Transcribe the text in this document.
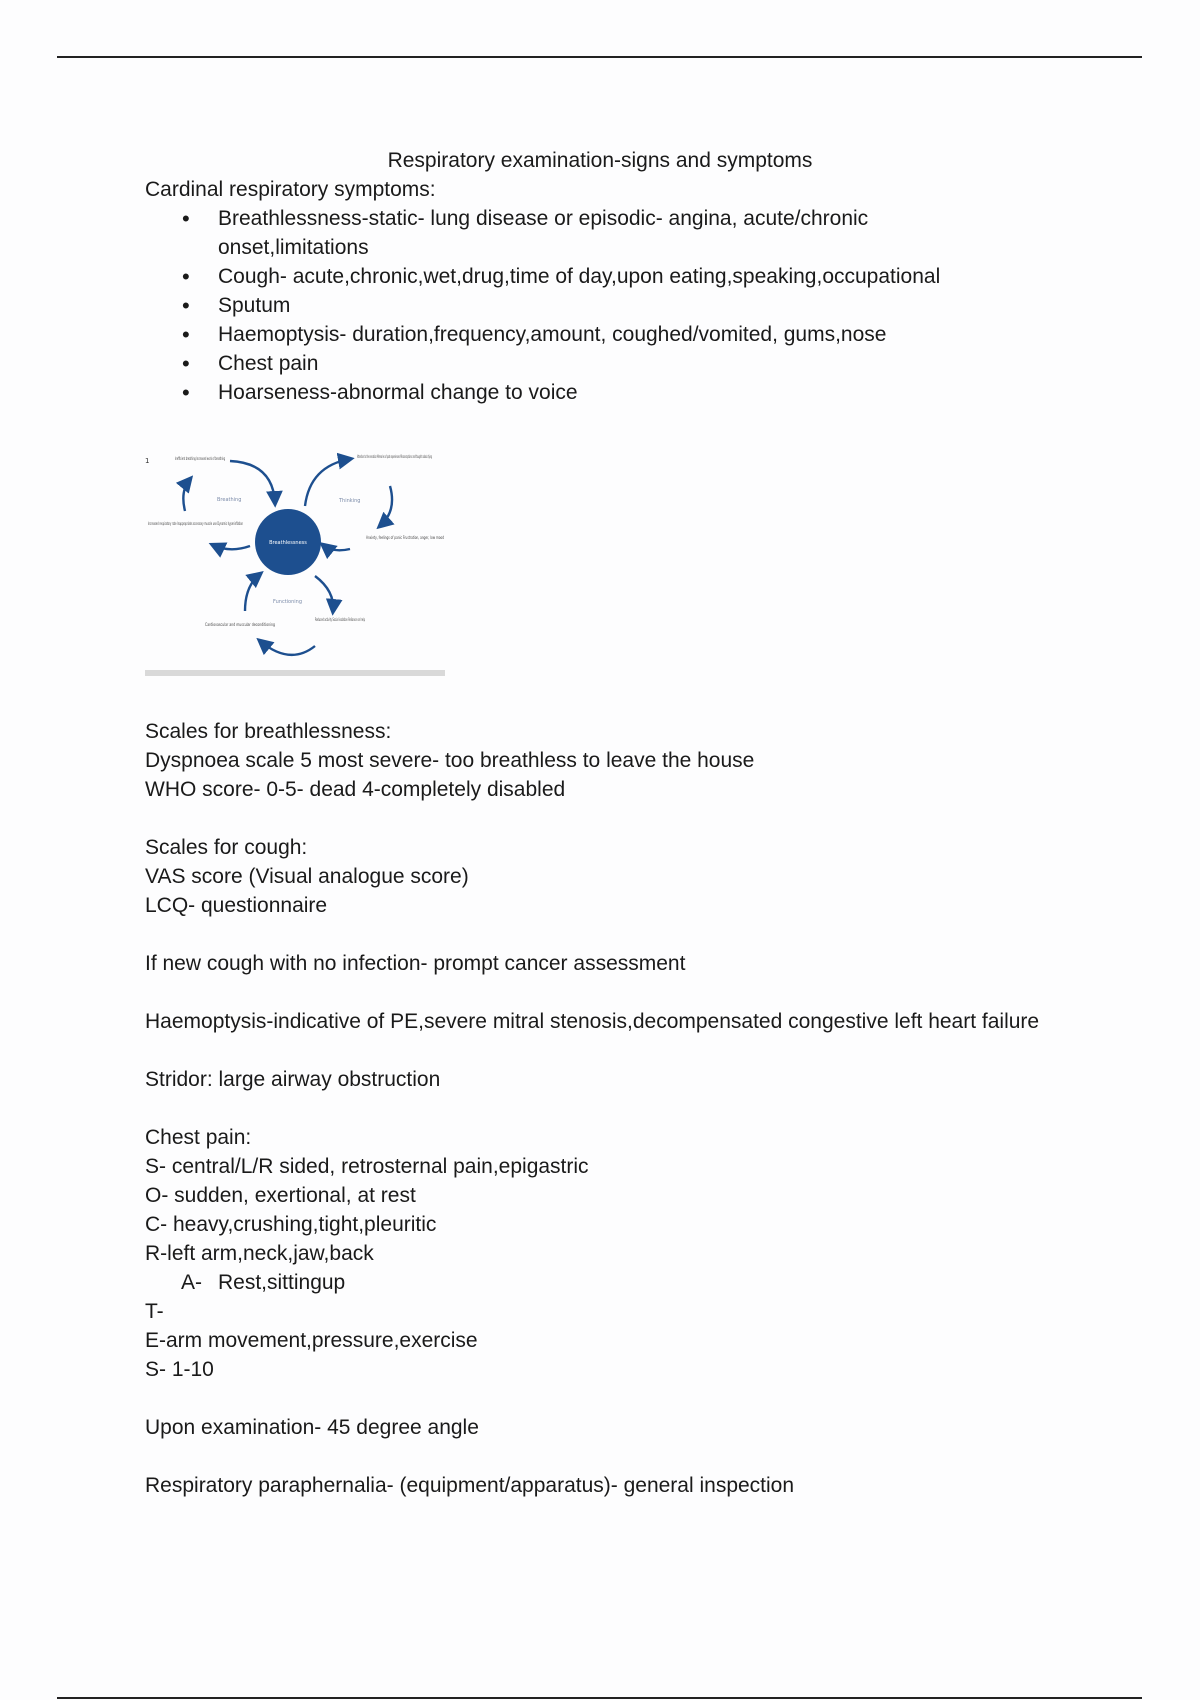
Respiratory examination-signs and symptoms

Cardinal respiratory symptoms:

• Breathlessness-static- lung disease or episodic- angina, acute/chronic onset,limitations
• Cough- acute,chronic,wet,drug,time of day,upon eating,speaking,occupational
• Sputum
• Haemoptysis- duration,frequency,amount, coughed/vomited, gums,nose
• Chest pain
• Hoarseness-abnormal change to voice
1
Breathlessness
Breathing	Thinking
Functioning
Inefficient breathing Increased work of breathing	Attention to the sensation Memories of past experiences Misconceptions and thoughts about dying
Anxiety, feelings of panic Frustration, anger, low mood
Reduced activity Social isolation Reliance on help
Cardiovascular and muscular deconditioning
Increased respiratory rate Inappropriate accessory muscle use Dynamic hyperinflation

Scales for breathlessness:

Dyspnoea scale 5 most severe- too breathless to leave the house

WHO score- 0-5- dead 4-completely disabled

Scales for cough:

VAS score (Visual analogue score)

LCQ- questionnaire

If new cough with no infection- prompt cancer assessment

Haemoptysis-indicative of PE,severe mitral stenosis,decompensated congestive left heart failure

Stridor: large airway obstruction

Chest pain:

S- central/L/R sided, retrosternal pain,epigastric

O- sudden, exertional, at rest

C- heavy,crushing,tight,pleuritic

R-left arm,neck,jaw,back

A- Rest,sittingup

T-

E-arm movement,pressure,exercise

S- 1-10

Upon examination- 45 degree angle

Respiratory paraphernalia- (equipment/apparatus)- general inspection
